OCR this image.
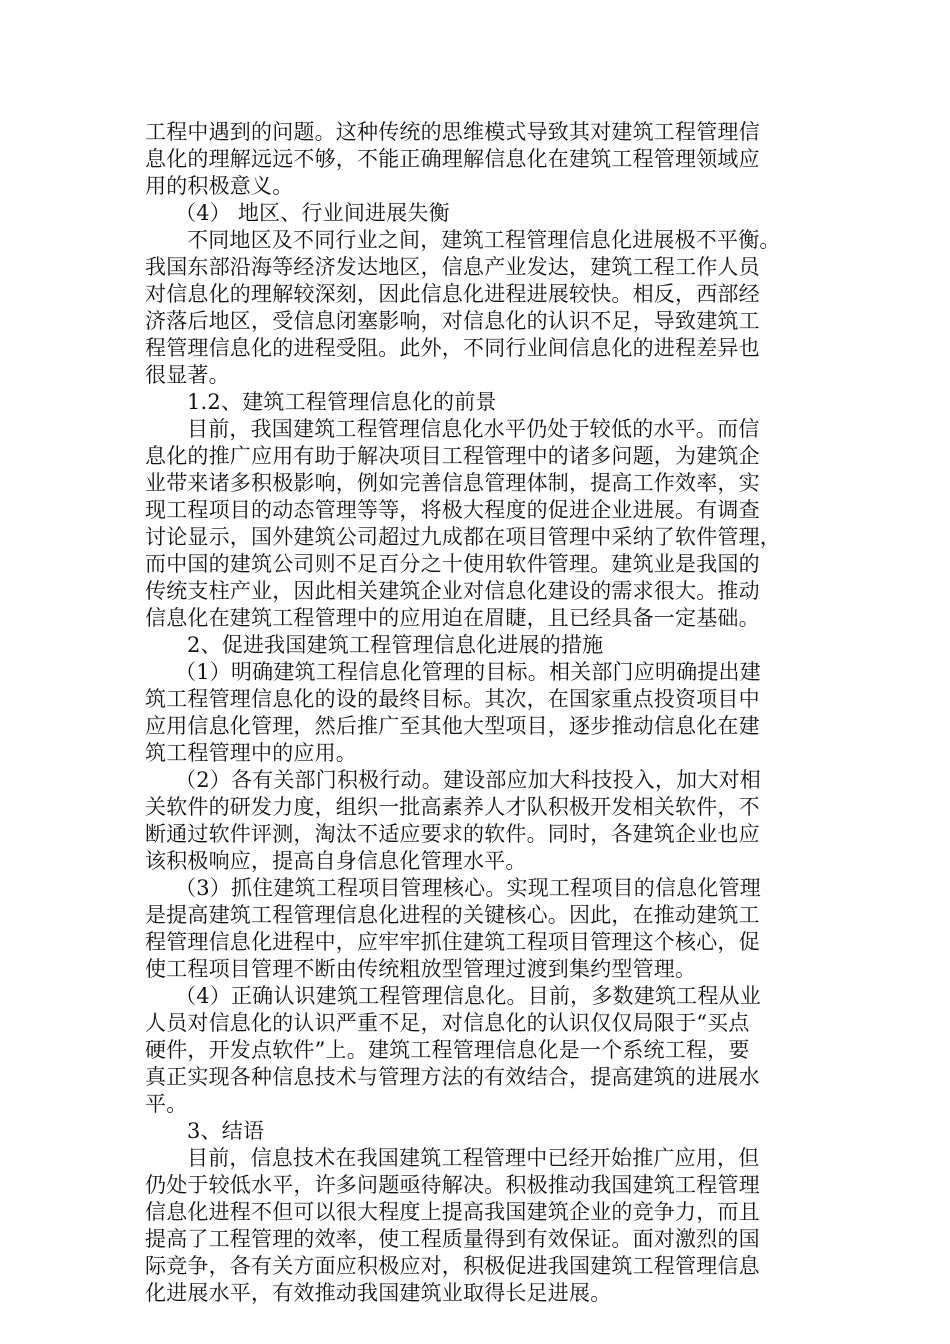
工程中遇到的问题。这种传统的思维模式导致其对建筑工程管理信
息化的理解远远不够，不能正确理解信息化在建筑工程管理领域应
用的积极意义。
（4） 地区、行业间进展失衡
不同地区及不同行业之间，建筑工程管理信息化进展极不平衡。
我国东部沿海等经济发达地区，信息产业发达，建筑工程工作人员
对信息化的理解较深刻，因此信息化进程进展较快。相反，西部经
济落后地区，受信息闭塞影响，对信息化的认识不足，导致建筑工
程管理信息化的进程受阻。此外，不同行业间信息化的进程差异也
很显著。
1.2、建筑工程管理信息化的前景
目前，我国建筑工程管理信息化水平仍处于较低的水平。而信
息化的推广应用有助于解决项目工程管理中的诸多问题，为建筑企
业带来诸多积极影响，例如完善信息管理体制，提高工作效率，实
现工程项目的动态管理等等，将极大程度的促进企业进展。有调查
讨论显示，国外建筑公司超过九成都在项目管理中采纳了软件管理，
而中国的建筑公司则不足百分之十使用软件管理。建筑业是我国的
传统支柱产业，因此相关建筑企业对信息化建设的需求很大。推动
信息化在建筑工程管理中的应用迫在眉睫，且已经具备一定基础。
2、促进我国建筑工程管理信息化进展的措施
（1）明确建筑工程信息化管理的目标。相关部门应明确提出建
筑工程管理信息化的设的最终目标。其次，在国家重点投资项目中
应用信息化管理，然后推广至其他大型项目，逐步推动信息化在建
筑工程管理中的应用。
（2）各有关部门积极行动。建设部应加大科技投入，加大对相
关软件的研发力度，组织一批高素养人才队积极开发相关软件，不
断通过软件评测，淘汰不适应要求的软件。同时，各建筑企业也应
该积极响应，提高自身信息化管理水平。
（3）抓住建筑工程项目管理核心。实现工程项目的信息化管理
是提高建筑工程管理信息化进程的关键核心。因此，在推动建筑工
程管理信息化进程中，应牢牢抓住建筑工程项目管理这个核心，促
使工程项目管理不断由传统粗放型管理过渡到集约型管理。
（4）正确认识建筑工程管理信息化。目前，多数建筑工程从业
人员对信息化的认识严重不足，对信息化的认识仅仅局限于“买点
硬件，开发点软件”上。建筑工程管理信息化是一个系统工程，要
真正实现各种信息技术与管理方法的有效结合，提高建筑的进展水
平。
3、结语
目前，信息技术在我国建筑工程管理中已经开始推广应用，但
仍处于较低水平，许多问题亟待解决。积极推动我国建筑工程管理
信息化进程不但可以很大程度上提高我国建筑企业的竞争力，而且
提高了工程管理的效率，使工程质量得到有效保证。面对激烈的国
际竞争，各有关方面应积极应对，积极促进我国建筑工程管理信息
化进展水平，有效推动我国建筑业取得长足进展。
